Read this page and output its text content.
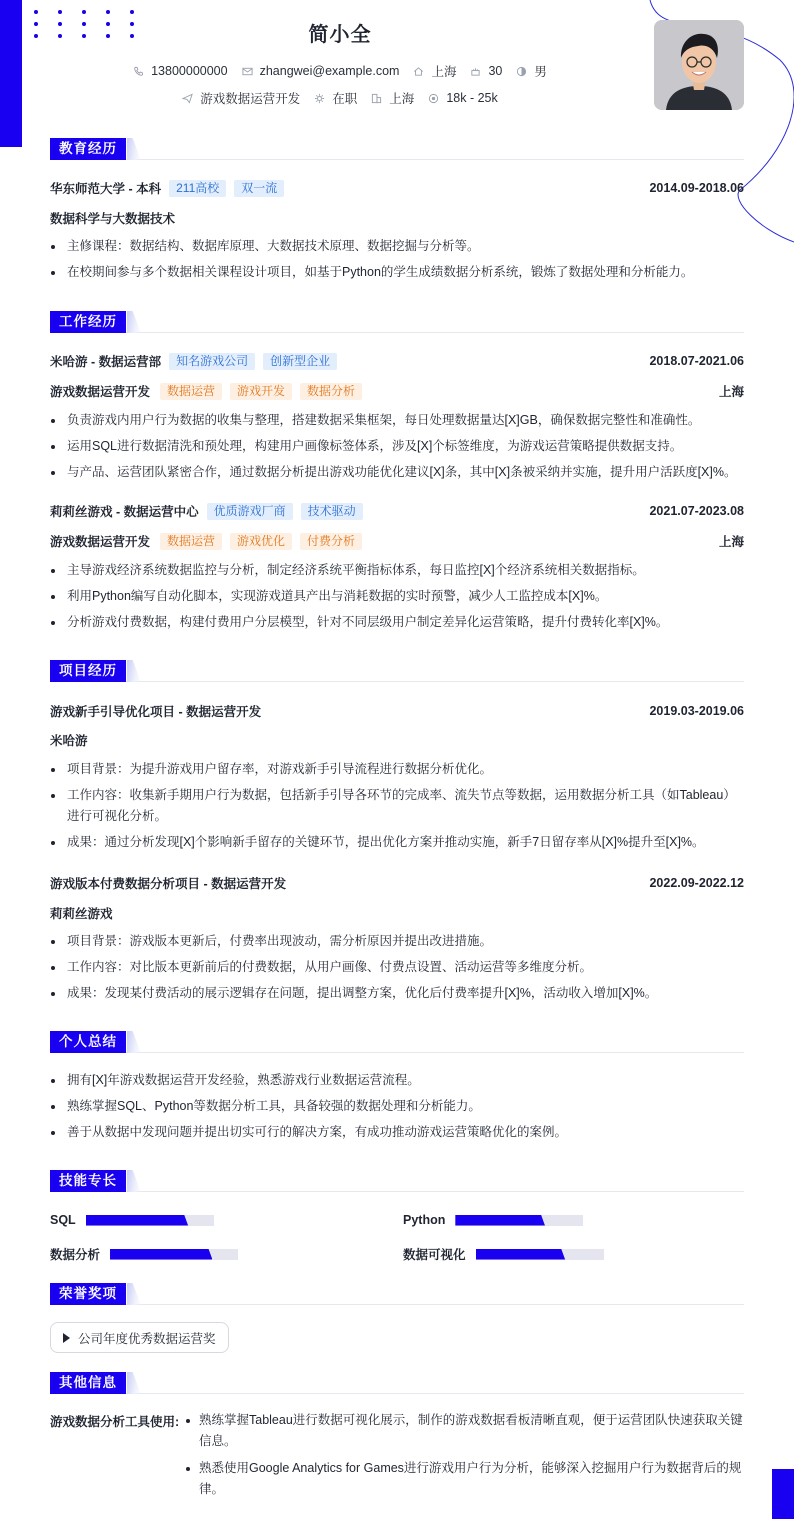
简小全
13800000000	zhangwei@example.com	上海	30	男
游戏数据运营开发	在职	上海	18k - 25k
教育经历
华东师范大学 - 本科	211高校	双一流	2014.09-2018.06
数据科学与大数据技术
主修课程：数据结构、数据库原理、大数据技术原理、数据挖掘与分析等。
在校期间参与多个数据相关课程设计项目，如基于Python的学生成绩数据分析系统，锻炼了数据处理和分析能力。
工作经历
米哈游 - 数据运营部	知名游戏公司	创新型企业	2018.07-2021.06
游戏数据运营开发	数据运营	游戏开发	数据分析	上海
负责游戏内用户行为数据的收集与整理，搭建数据采集框架，每日处理数据量达[X]GB，确保数据完整性和准确性。
运用SQL进行数据清洗和预处理，构建用户画像标签体系，涉及[X]个标签维度，为游戏运营策略提供数据支持。
与产品、运营团队紧密合作，通过数据分析提出游戏功能优化建议[X]条，其中[X]条被采纳并实施，提升用户活跃度[X]%。
莉莉丝游戏 - 数据运营中心	优质游戏厂商	技术驱动	2021.07-2023.08
游戏数据运营开发	数据运营	游戏优化	付费分析	上海
主导游戏经济系统数据监控与分析，制定经济系统平衡指标体系，每日监控[X]个经济系统相关数据指标。
利用Python编写自动化脚本，实现游戏道具产出与消耗数据的实时预警，减少人工监控成本[X]%。
分析游戏付费数据，构建付费用户分层模型，针对不同层级用户制定差异化运营策略，提升付费转化率[X]%。
项目经历
游戏新手引导优化项目 - 数据运营开发	2019.03-2019.06
米哈游
项目背景：为提升游戏用户留存率，对游戏新手引导流程进行数据分析优化。
工作内容：收集新手期用户行为数据，包括新手引导各环节的完成率、流失节点等数据，运用数据分析工具（如Tableau）进行可视化分析。
成果：通过分析发现[X]个影响新手留存的关键环节，提出优化方案并推动实施，新手7日留存率从[X]%提升至[X]%。
游戏版本付费数据分析项目 - 数据运营开发	2022.09-2022.12
莉莉丝游戏
项目背景：游戏版本更新后，付费率出现波动，需分析原因并提出改进措施。
工作内容：对比版本更新前后的付费数据，从用户画像、付费点设置、活动运营等多维度分析。
成果：发现某付费活动的展示逻辑存在问题，提出调整方案，优化后付费率提升[X]%，活动收入增加[X]%。
个人总结
拥有[X]年游戏数据运营开发经验，熟悉游戏行业数据运营流程。
熟练掌握SQL、Python等数据分析工具，具备较强的数据处理和分析能力。
善于从数据中发现问题并提出切实可行的解决方案，有成功推动游戏运营策略优化的案例。
技能专长
SQL	Python
数据分析	数据可视化
荣誉奖项
公司年度优秀数据运营奖
其他信息
游戏数据分析工具使用:	熟练掌握Tableau进行数据可视化展示，制作的游戏数据看板清晰直观，便于运营团队快速获取关键信息。
熟悉使用Google Analytics for Games进行游戏用户行为分析，能够深入挖掘用户行为数据背后的规律。
